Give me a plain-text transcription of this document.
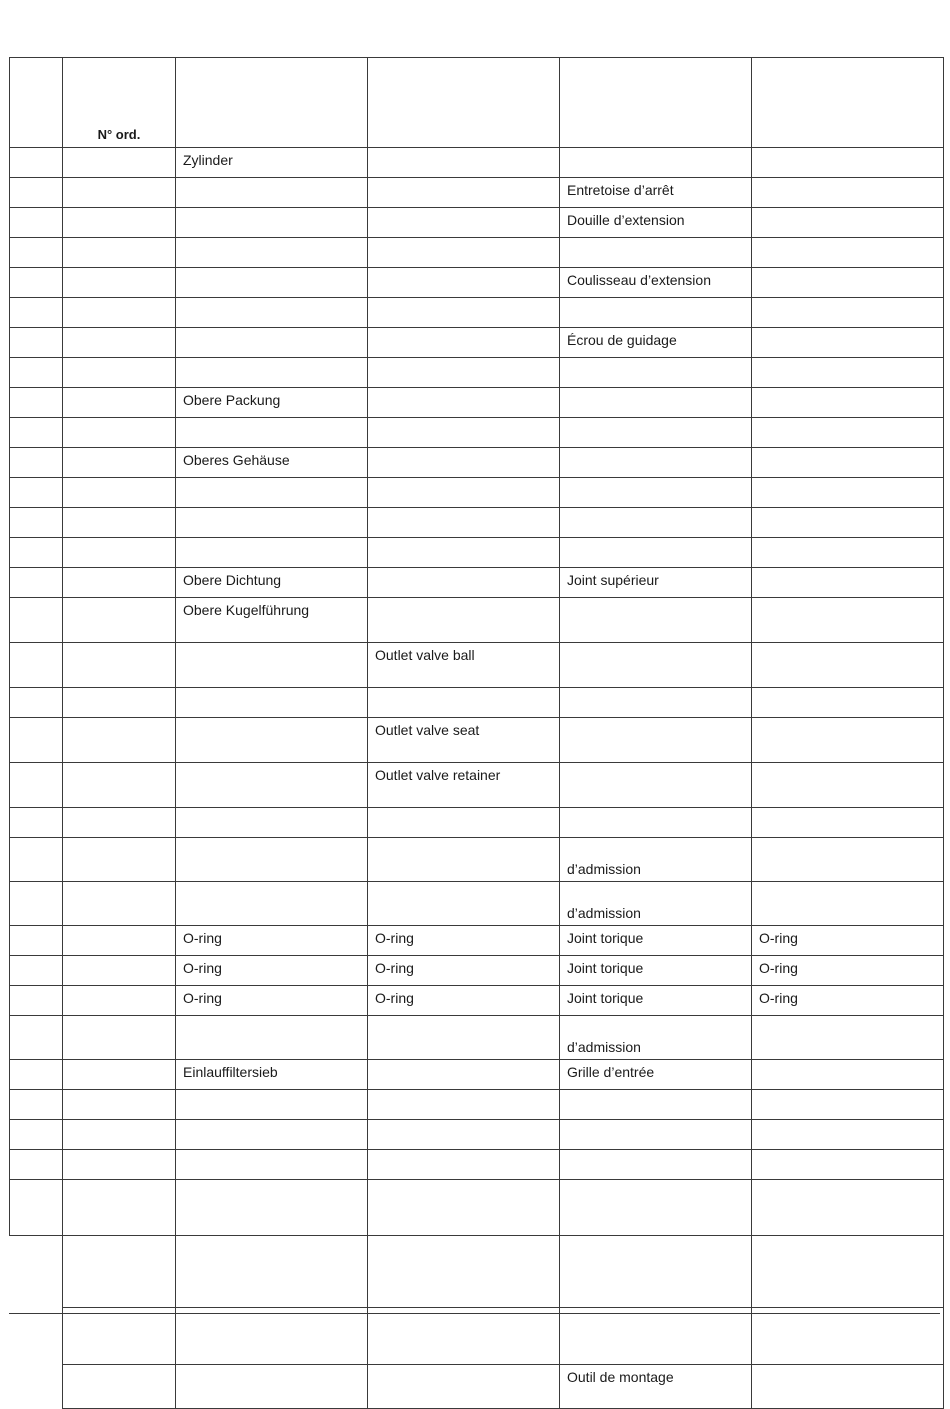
	N° ord.				
		Zylinder			
				Entretoise d’arrêt	
				Douille d’extension	

				Coulisseau d’extension	

				Écrou de guidage	

		Obere Packung			

		Oberes Gehäuse			

		Obere Dichtung		Joint supérieur	
		Obere Kugelführung			
			Outlet valve ball		

			Outlet valve seat		
			Outlet valve retainer		

				d’admission	
				d’admission	
		O-ring	O-ring	Joint torique	O-ring
		O-ring	O-ring	Joint torique	O-ring
		O-ring	O-ring	Joint torique	O-ring
				d’admission	
		Einlauffiltersieb		Grille d’entrée	

				Outil de montage	
